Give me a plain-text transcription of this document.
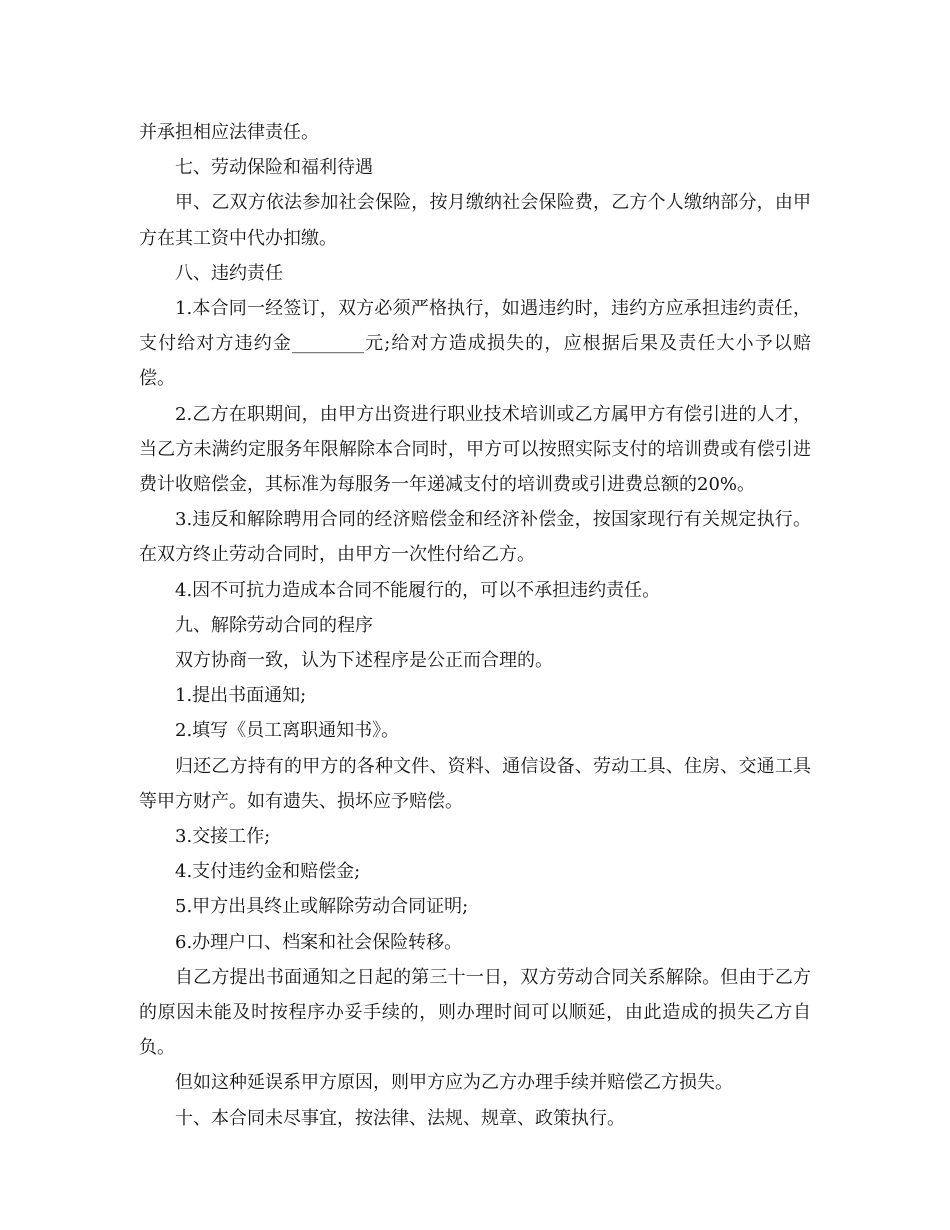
并承担相应法律责任。

七、劳动保险和福利待遇

甲、乙双方依法参加社会保险，按月缴纳社会保险费，乙方个人缴纳部分，由甲方在其工资中代办扣缴。

八、违约责任

1.本合同一经签订，双方必须严格执行，如遇违约时，违约方应承担违约责任，支付给对方违约金________元;给对方造成损失的，应根据后果及责任大小予以赔偿。

2.乙方在职期间，由甲方出资进行职业技术培训或乙方属甲方有偿引进的人才，当乙方未满约定服务年限解除本合同时，甲方可以按照实际支付的培训费或有偿引进费计收赔偿金，其标准为每服务一年递减支付的培训费或引进费总额的20%。

3.违反和解除聘用合同的经济赔偿金和经济补偿金，按国家现行有关规定执行。在双方终止劳动合同时，由甲方一次性付给乙方。

4.因不可抗力造成本合同不能履行的，可以不承担违约责任。

九、解除劳动合同的程序

双方协商一致，认为下述程序是公正而合理的。

1.提出书面通知;

2.填写《员工离职通知书》。

归还乙方持有的甲方的各种文件、资料、通信设备、劳动工具、住房、交通工具等甲方财产。如有遗失、损坏应予赔偿。

3.交接工作;

4.支付违约金和赔偿金;

5.甲方出具终止或解除劳动合同证明;

6.办理户口、档案和社会保险转移。

自乙方提出书面通知之日起的第三十一日，双方劳动合同关系解除。但由于乙方的原因未能及时按程序办妥手续的，则办理时间可以顺延，由此造成的损失乙方自负。

但如这种延误系甲方原因，则甲方应为乙方办理手续并赔偿乙方损失。

十、本合同未尽事宜，按法律、法规、规章、政策执行。
